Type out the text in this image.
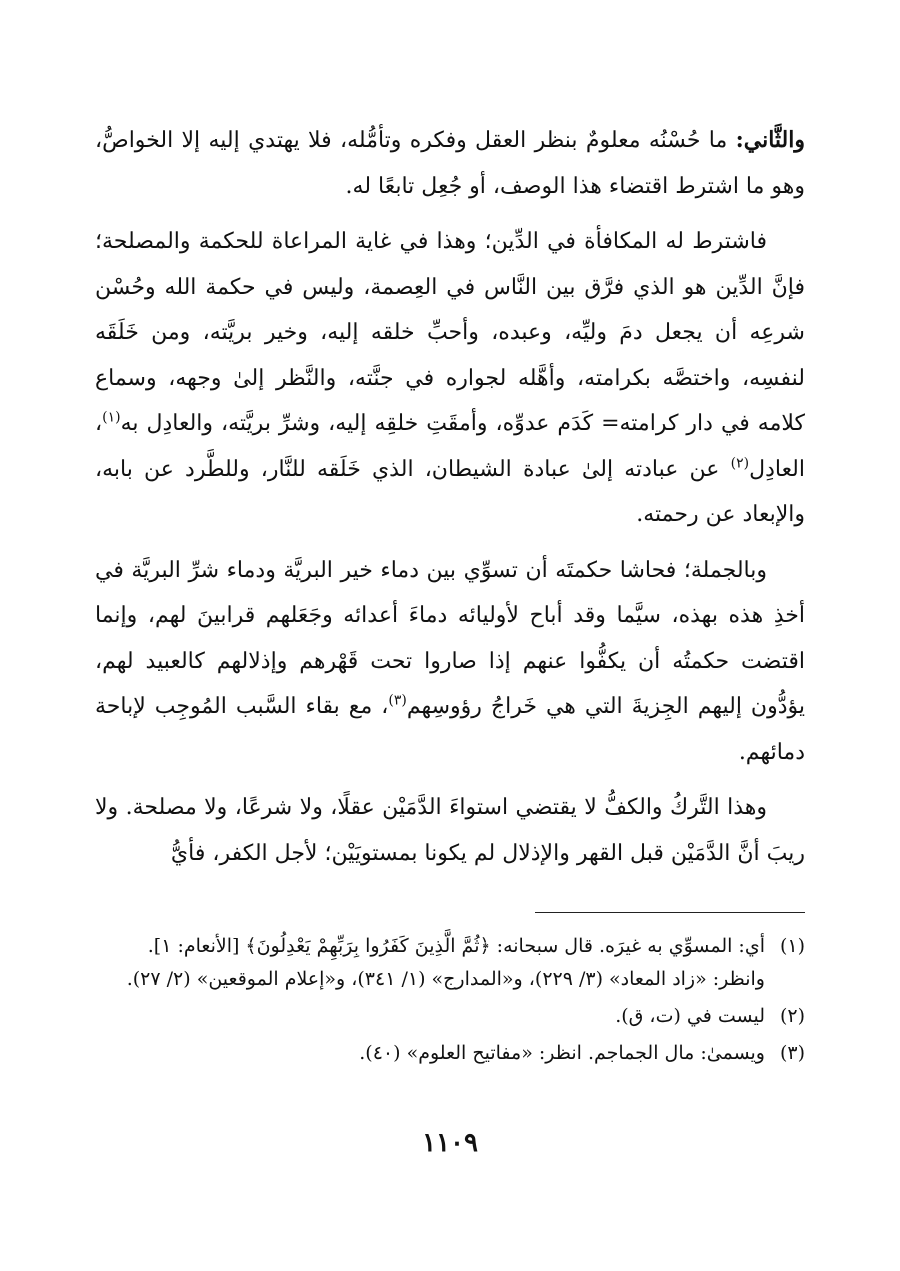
والثَّاني: ما حُسْنُه معلومٌ بنظر العقل وفكره وتأمُّله، فلا يهتدي إليه إلا الخواصُّ، وهو ما اشترط اقتضاء هذا الوصف، أو جُعِل تابعًا له.

فاشترط له المكافأة في الدِّين؛ وهذا في غاية المراعاة للحكمة والمصلحة؛ فإنَّ الدِّين هو الذي فرَّق بين النَّاس في العِصمة، وليس في حكمة الله وحُسْن شرعِه أن يجعل دمَ وليِّه، وعبده، وأحبِّ خلقه إليه، وخير بريَّته، ومن خَلَقَه لنفسِه، واختصَّه بكرامته، وأهَّله لجواره في جنَّته، والنَّظر إلىٰ وجهه، وسماع كلامه في دار كرامته= كَدَم عدوِّه، وأمقَتِ خلقِه إليه، وشرِّ بريَّته، والعادِل به$^{(١)}$، العادِل$^{(٢)}$ عن عبادته إلىٰ عبادة الشيطان، الذي خَلَقه للنَّار، وللطَّرد عن بابه، والإبعاد عن رحمته.

وبالجملة؛ فحاشا حكمتَه أن تسوِّي بين دماء خير البريَّة ودماء شرِّ البريَّة في أخذِ هذه بهذه، سيَّما وقد أباح لأوليائه دماءَ أعدائه وجَعَلهم قرابينَ لهم، وإنما اقتضت حكمتُه أن يكفُّوا عنهم إذا صاروا تحت قَهْرهم وإذلالهم كالعبيد لهم، يؤدُّون إليهم الجِزيةَ التي هي خَراجُ رؤوسِهم$^{(٣)}$، مع بقاء السَّبب المُوجِب لإباحة دمائهم.

وهذا التَّركُ والكفُّ لا يقتضي استواءَ الدَّمَيْن عقلًا، ولا شرعًا، ولا مصلحة. ولا ريبَ أنَّ الدَّمَيْن قبل القهر والإذلال لم يكونا بمستويَيْن؛ لأجل الكفر، فأيُّ

(١)
أي: المسوِّي به غيرَه. قال سبحانه: ﴿ثُمَّ الَّذِينَ كَفَرُوا بِرَبِّهِمْ يَعْدِلُونَ﴾ [الأنعام: ١]. وانظر: «زاد المعاد» (٣/ ٢٢٩)، و«المدارج» (١/ ٣٤١)، و«إعلام الموقعين» (٢/ ٢٧).
(٢)
ليست في (ت، ق).
(٣)
ويسمىٰ: مال الجماجم. انظر: «مفاتيح العلوم» (٤٠).
١١٠٩
